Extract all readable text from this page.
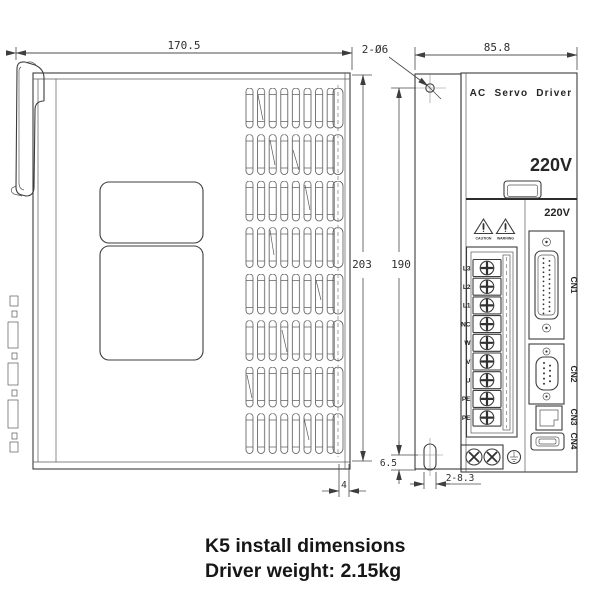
AC Servo Driver
220V
220V
CAUTION WARNING
L3
L2
L1
NC
W
V
U
PE
PE
CN1
CN2
CN3
CN4
170.5	85.8
2-Ø6
203 190
6.5
4
2-8.3
K5 install dimensions
Driver weight: 2.15kg
